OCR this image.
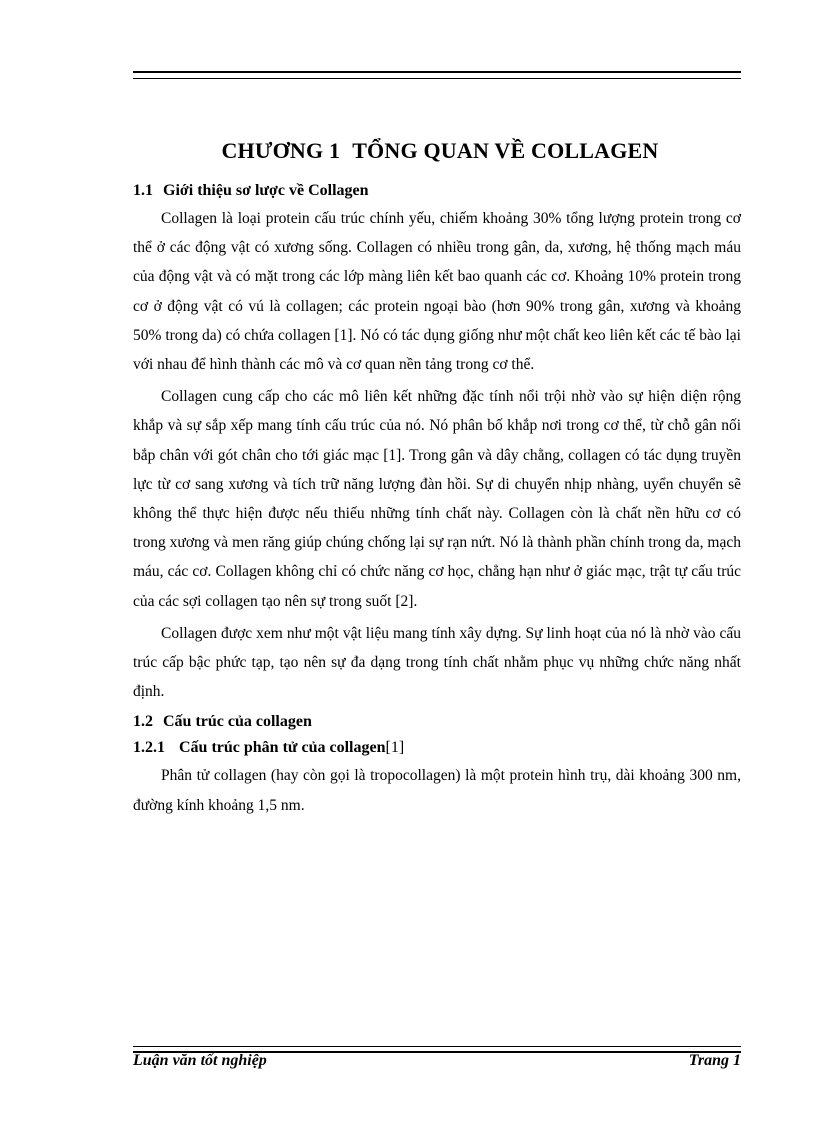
CHƯƠNG 1 TỔNG QUAN VỀ COLLAGEN
1.1 Giới thiệu sơ lược về Collagen

Collagen là loại protein cấu trúc chính yếu, chiếm khoảng 30% tổng lượng protein trong cơ thể ở các động vật có xương sống. Collagen có nhiều trong gân, da, xương, hệ thống mạch máu của động vật và có mặt trong các lớp màng liên kết bao quanh các cơ. Khoảng 10% protein trong cơ ở động vật có vú là collagen; các protein ngoại bào (hơn 90% trong gân, xương và khoảng 50% trong da) có chứa collagen [1]. Nó có tác dụng giống như một chất keo liên kết các tế bào lại với nhau để hình thành các mô và cơ quan nền tảng trong cơ thể.

Collagen cung cấp cho các mô liên kết những đặc tính nổi trội nhờ vào sự hiện diện rộng khắp và sự sắp xếp mang tính cấu trúc của nó. Nó phân bố khắp nơi trong cơ thể, từ chỗ gân nối bắp chân với gót chân cho tới giác mạc [1]. Trong gân và dây chằng, collagen có tác dụng truyền lực từ cơ sang xương và tích trữ năng lượng đàn hồi. Sự di chuyển nhịp nhàng, uyển chuyển sẽ không thể thực hiện được nếu thiếu những tính chất này. Collagen còn là chất nền hữu cơ có trong xương và men răng giúp chúng chống lại sự rạn nứt. Nó là thành phần chính trong da, mạch máu, các cơ. Collagen không chỉ có chức năng cơ học, chẳng hạn như ở giác mạc, trật tự cấu trúc của các sợi collagen tạo nên sự trong suốt [2].

Collagen được xem như một vật liệu mang tính xây dựng. Sự linh hoạt của nó là nhờ vào cấu trúc cấp bậc phức tạp, tạo nên sự đa dạng trong tính chất nhằm phục vụ những chức năng nhất định.

1.2 Cấu trúc của collagen
1.2.1 Cấu trúc phân tử của collagen[1]

Phân tử collagen (hay còn gọi là tropocollagen) là một protein hình trụ, dài khoảng 300 nm, đường kính khoảng 1,5 nm.

Luận văn tốt nghiệp	Trang 1
